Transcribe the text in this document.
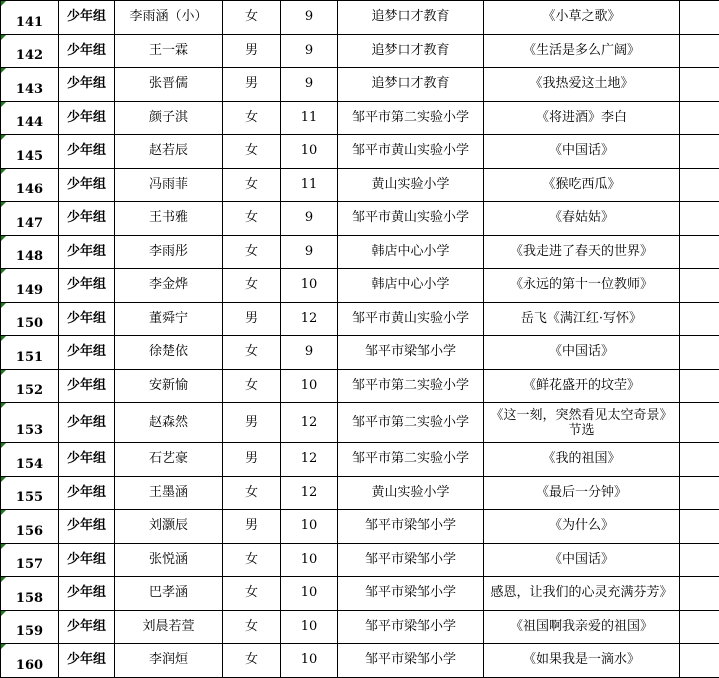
141	少年组	李雨涵（小）	女	9	追梦口才教育	《小草之歌》	
142	少年组	王一霖	男	9	追梦口才教育	《生活是多么广阔》	
143	少年组	张晋儒	男	9	追梦口才教育	《我热爱这土地》	
144	少年组	颜子淇	女	11	邹平市第二实验小学	《将进酒》李白	
145	少年组	赵若辰	女	10	邹平市黄山实验小学	《中国话》	
146	少年组	冯雨菲	女	11	黄山实验小学	《猴吃西瓜》	
147	少年组	王书雅	女	9	邹平市黄山实验小学	《春姑姑》	
148	少年组	李雨彤	女	9	韩店中心小学	《我走进了春天的世界》	
149	少年组	李金烨	女	10	韩店中心小学	《永远的第十一位教师》	
150	少年组	董舜宁	男	12	邹平市黄山实验小学	岳飞《满江红·写怀》	
151	少年组	徐楚依	女	9	邹平市梁邹小学	《中国话》	
152	少年组	安新愉	女	10	邹平市第二实验小学	《鲜花盛开的坟茔》	
153	少年组	赵森然	男	12	邹平市第二实验小学	《这一刻，突然看见太空奇景》节选	
154	少年组	石艺豪	男	12	邹平市第二实验小学	《我的祖国》	
155	少年组	王墨涵	女	12	黄山实验小学	《最后一分钟》	
156	少年组	刘灏辰	男	10	邹平市梁邹小学	《为什么》	
157	少年组	张悦涵	女	10	邹平市梁邹小学	《中国话》	
158	少年组	巴孝涵	女	10	邹平市梁邹小学	感恩，让我们的心灵充满芬芳》	
159	少年组	刘晨若萱	女	10	邹平市梁邹小学	《祖国啊我亲爱的祖国》	
160	少年组	李润烜	女	10	邹平市梁邹小学	《如果我是一滴水》	
